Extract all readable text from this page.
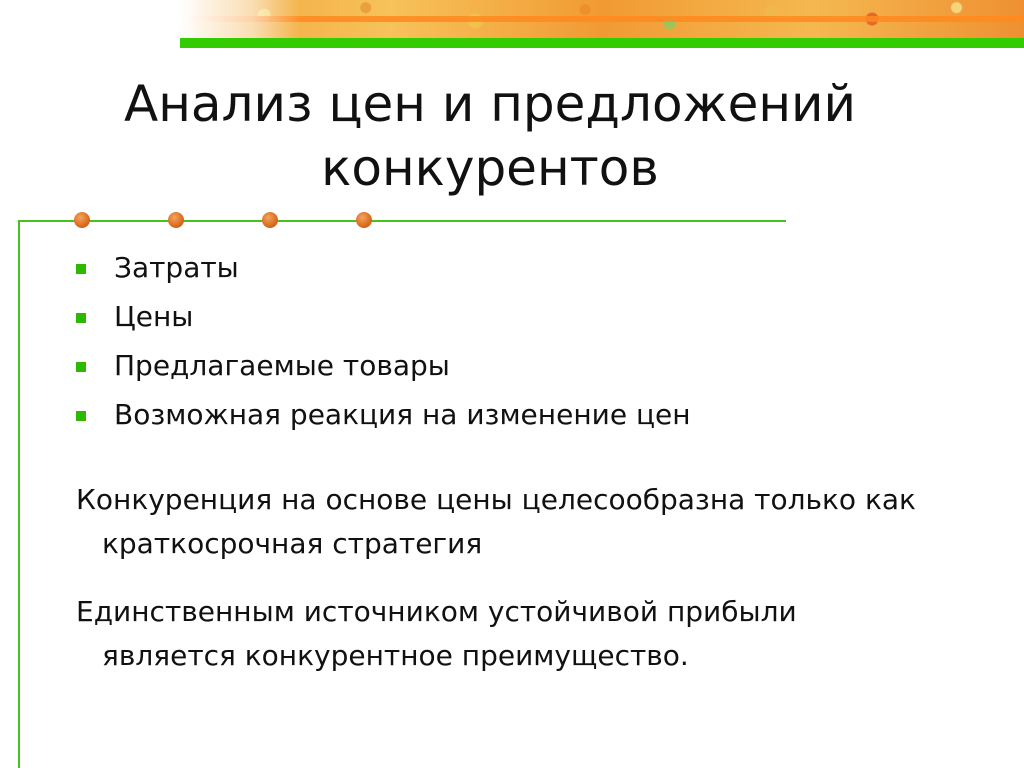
Анализ цен и предложений
конкурентов
Затраты
Цены
Предлагаемые товары
Возможная реакция на изменение цен
Конкуренция на основе цены целесообразна только как
краткосрочная стратегия
Единственным источником устойчивой прибыли
является конкурентное преимущество.
